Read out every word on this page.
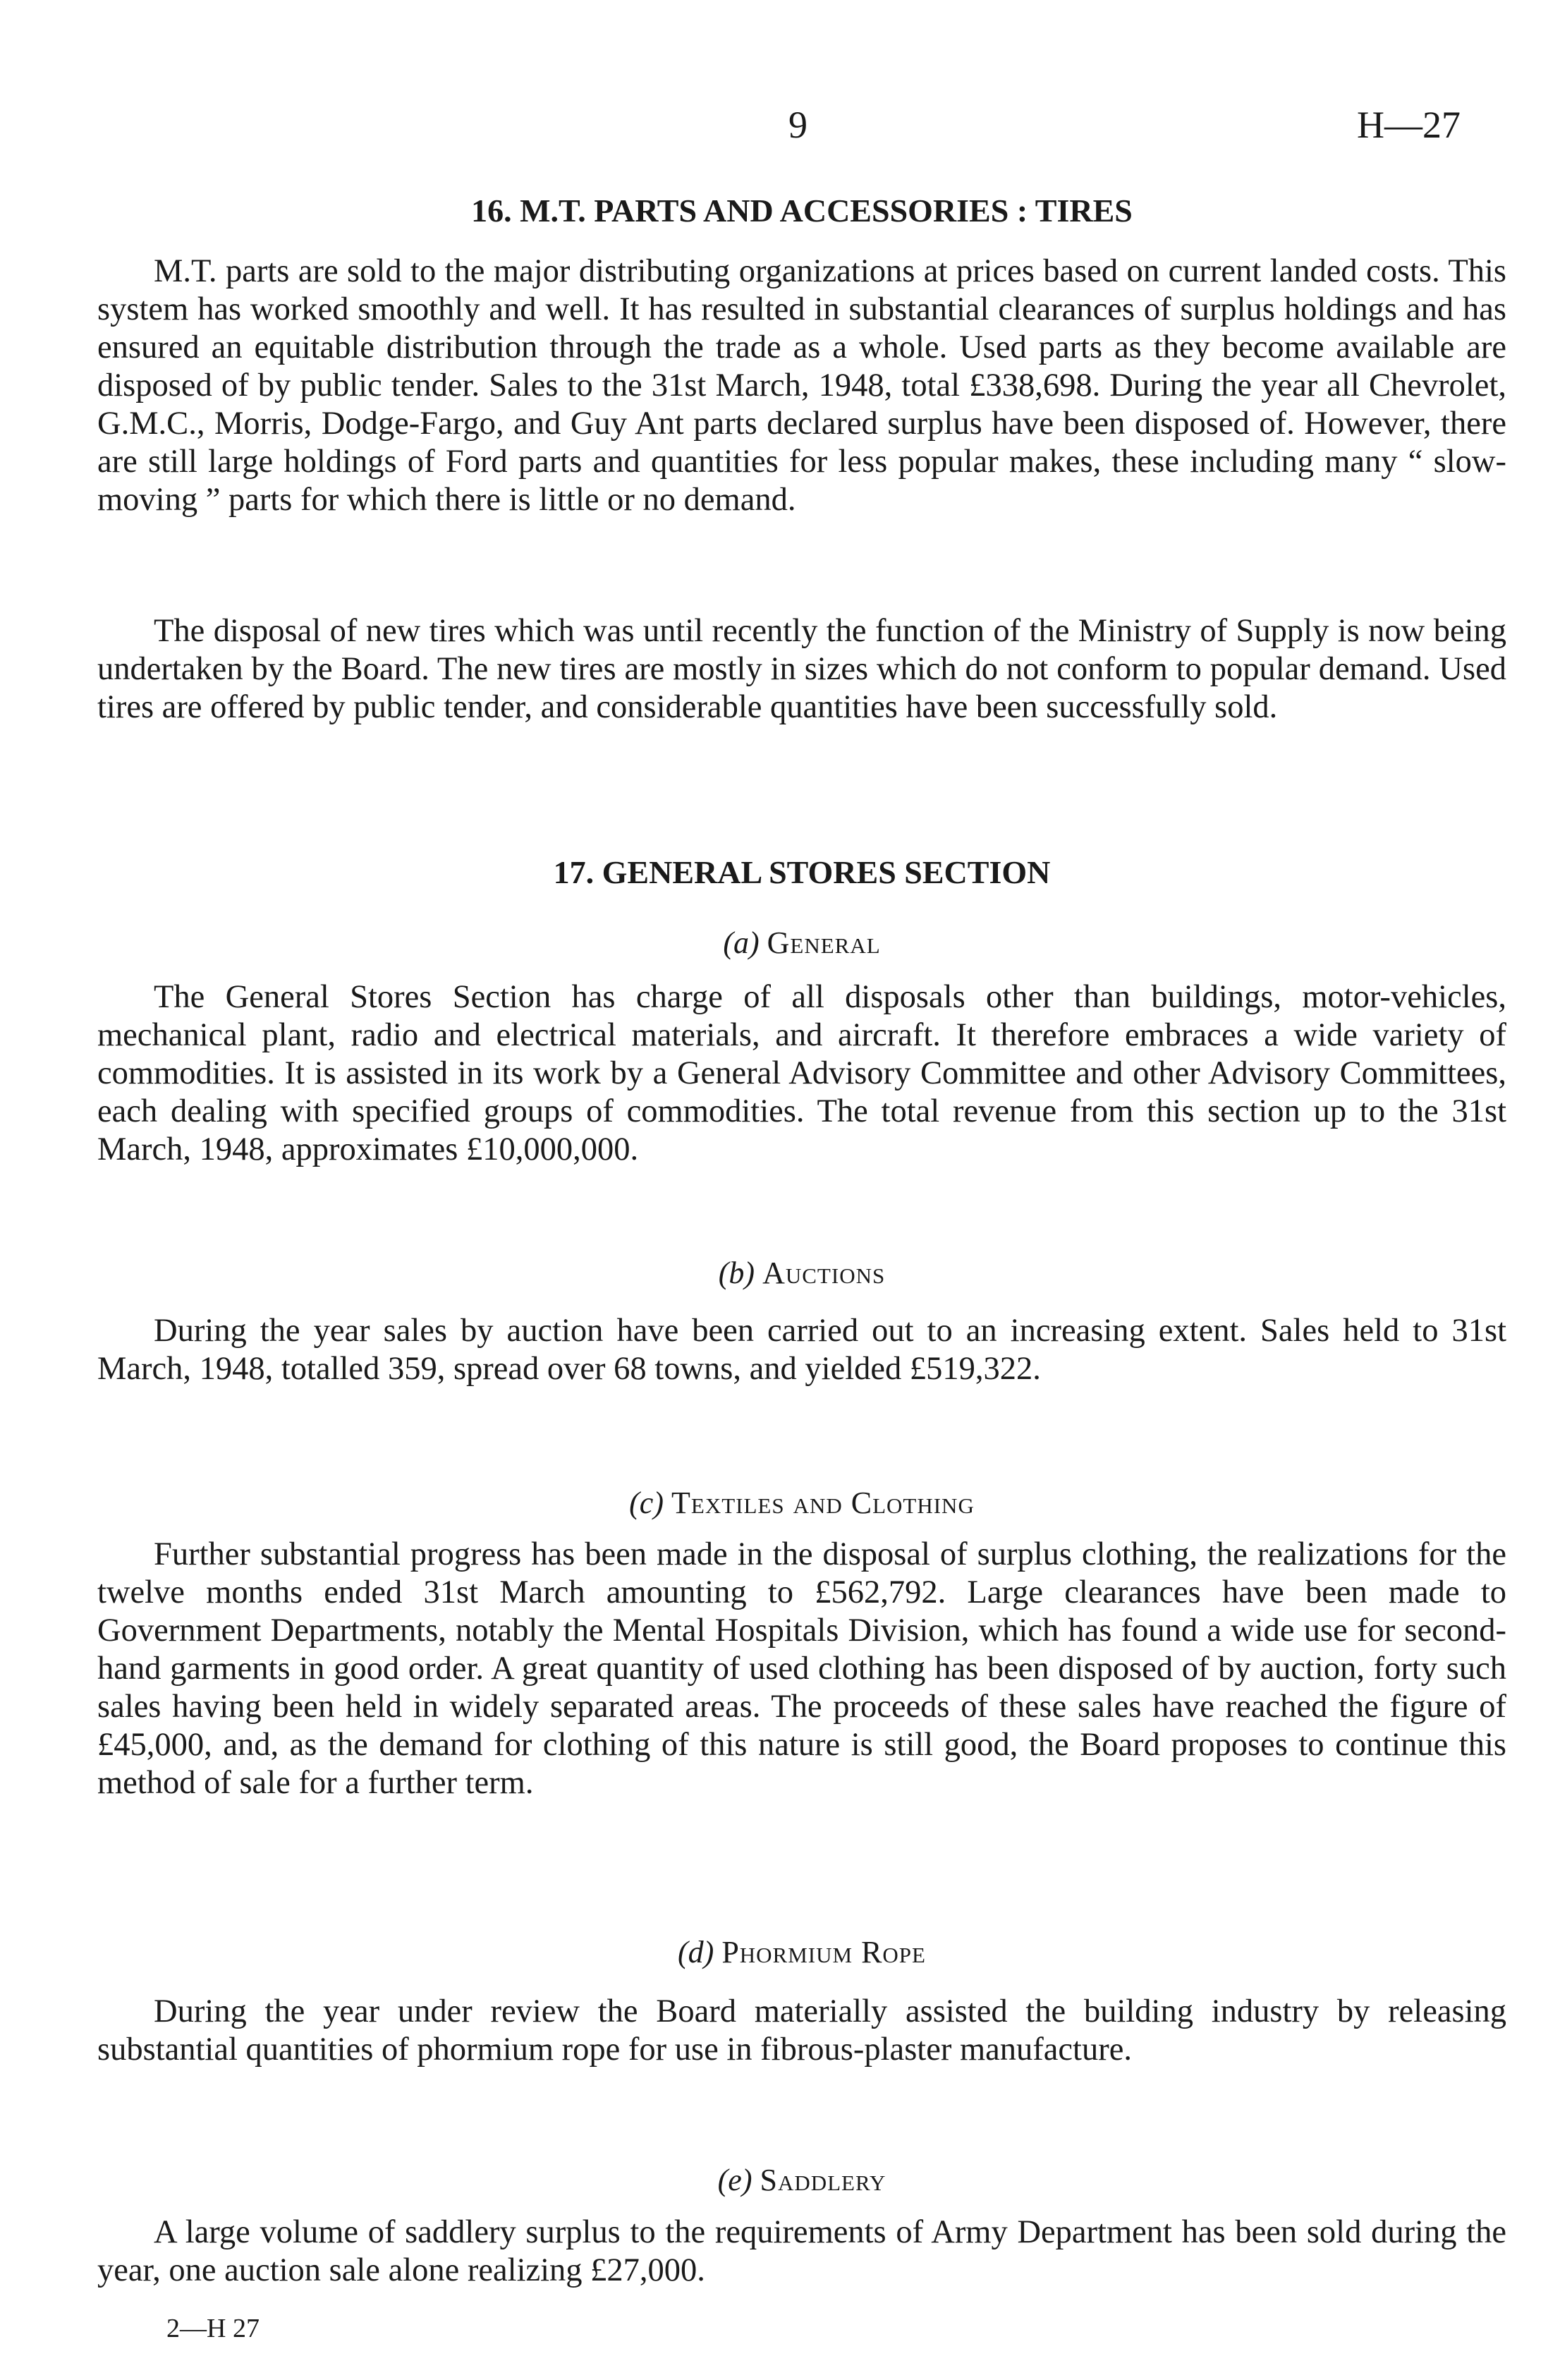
9	H—27
16. M.T. PARTS AND ACCESSORIES : TIRES

M.T. parts are sold to the major distributing organizations at prices based on current landed costs. This system has worked smoothly and well. It has resulted in substantial clearances of surplus holdings and has ensured an equitable distribution through the trade as a whole. Used parts as they become available are disposed of by public tender. Sales to the 31st March, 1948, total £338,698. During the year all Chevrolet, G.M.C., Morris, Dodge-Fargo, and Guy Ant parts declared surplus have been disposed of. However, there are still large holdings of Ford parts and quantities for less popular makes, these including many “ slow-moving ” parts for which there is little or no demand.

The disposal of new tires which was until recently the function of the Ministry of Supply is now being undertaken by the Board. The new tires are mostly in sizes which do not conform to popular demand. Used tires are offered by public tender, and considerable quantities have been successfully sold.

17. GENERAL STORES SECTION
(a) General

The General Stores Section has charge of all disposals other than buildings, motor-vehicles, mechanical plant, radio and electrical materials, and aircraft. It therefore embraces a wide variety of commodities. It is assisted in its work by a General Advisory Committee and other Advisory Committees, each dealing with specified groups of commodities. The total revenue from this section up to the 31st March, 1948, approximates £10,000,000.

(b) Auctions

During the year sales by auction have been carried out to an increasing extent. Sales held to 31st March, 1948, totalled 359, spread over 68 towns, and yielded £519,322.

(c) Textiles and Clothing

Further substantial progress has been made in the disposal of surplus clothing, the realizations for the twelve months ended 31st March amounting to £562,792. Large clearances have been made to Government Departments, notably the Mental Hospitals Division, which has found a wide use for second-hand garments in good order. A great quantity of used clothing has been disposed of by auction, forty such sales having been held in widely separated areas. The proceeds of these sales have reached the figure of £45,000, and, as the demand for clothing of this nature is still good, the Board proposes to continue this method of sale for a further term.

(d) Phormium Rope

During the year under review the Board materially assisted the building industry by releasing substantial quantities of phormium rope for use in fibrous-plaster manufacture.

(e) Saddlery

A large volume of saddlery surplus to the requirements of Army Department has been sold during the year, one auction sale alone realizing £27,000.

2—H 27
